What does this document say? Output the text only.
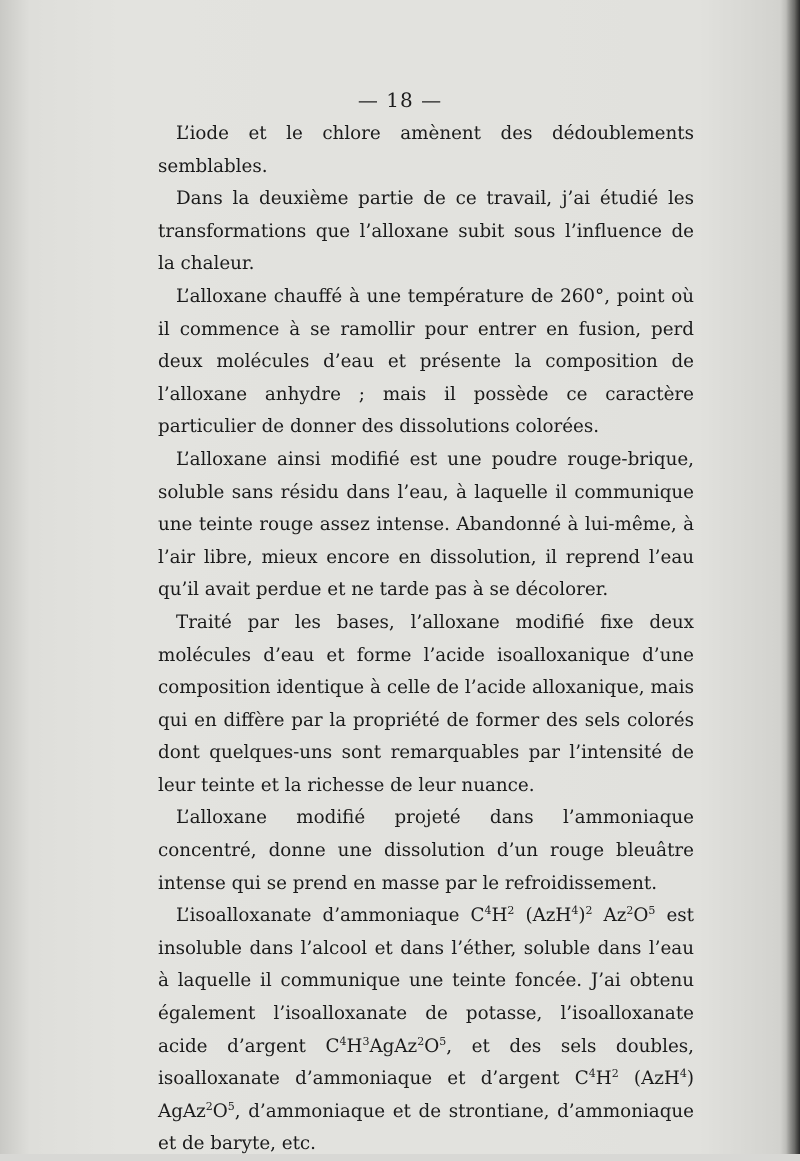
— 18 —

L’iode et le chlore amènent des dédoublements semblables.

Dans la deuxième partie de ce travail, j’ai étudié les transformations que l’alloxane subit sous l’influence de la chaleur.

L’alloxane chauffé à une température de 260°, point où il commence à se ramollir pour entrer en fusion, perd deux molécules d’eau et présente la composition de l’alloxane anhydre ; mais il possède ce caractère particulier de donner des dissolutions colorées.

L’alloxane ainsi modifié est une poudre rouge-brique, soluble sans résidu dans l’eau, à laquelle il communique une teinte rouge assez intense. Abandonné à lui-même, à l’air libre, mieux encore en dissolution, il reprend l’eau qu’il avait perdue et ne tarde pas à se décolorer.

Traité par les bases, l’alloxane modifié fixe deux molécules d’eau et forme l’acide isoalloxanique d’une composition identique à celle de l’acide alloxanique, mais qui en diffère par la propriété de former des sels colorés dont quelques-uns sont remarquables par l’intensité de leur teinte et la richesse de leur nuance.

L’alloxane modifié projeté dans l’ammoniaque concentré, donne une dissolution d’un rouge bleuâtre intense qui se prend en masse par le refroidissement.

L’isoalloxanate d’ammoniaque $C^4H^2$ $(AzH^4)^2$ $Az^2O^5$ est insoluble dans l’alcool et dans l’éther, soluble dans l’eau à laquelle il communique une teinte foncée. J’ai obtenu également l’isoalloxanate de potasse, l’isoalloxanate acide d’argent $C^4H^3AgAz^2O^5$, et des sels doubles, isoalloxanate d’ammoniaque et d’argent $C^4H^2$ (AzH$^4$) $AgAz^2O^5$, d’ammoniaque et de strontiane, d’ammoniaque et de baryte, etc.
